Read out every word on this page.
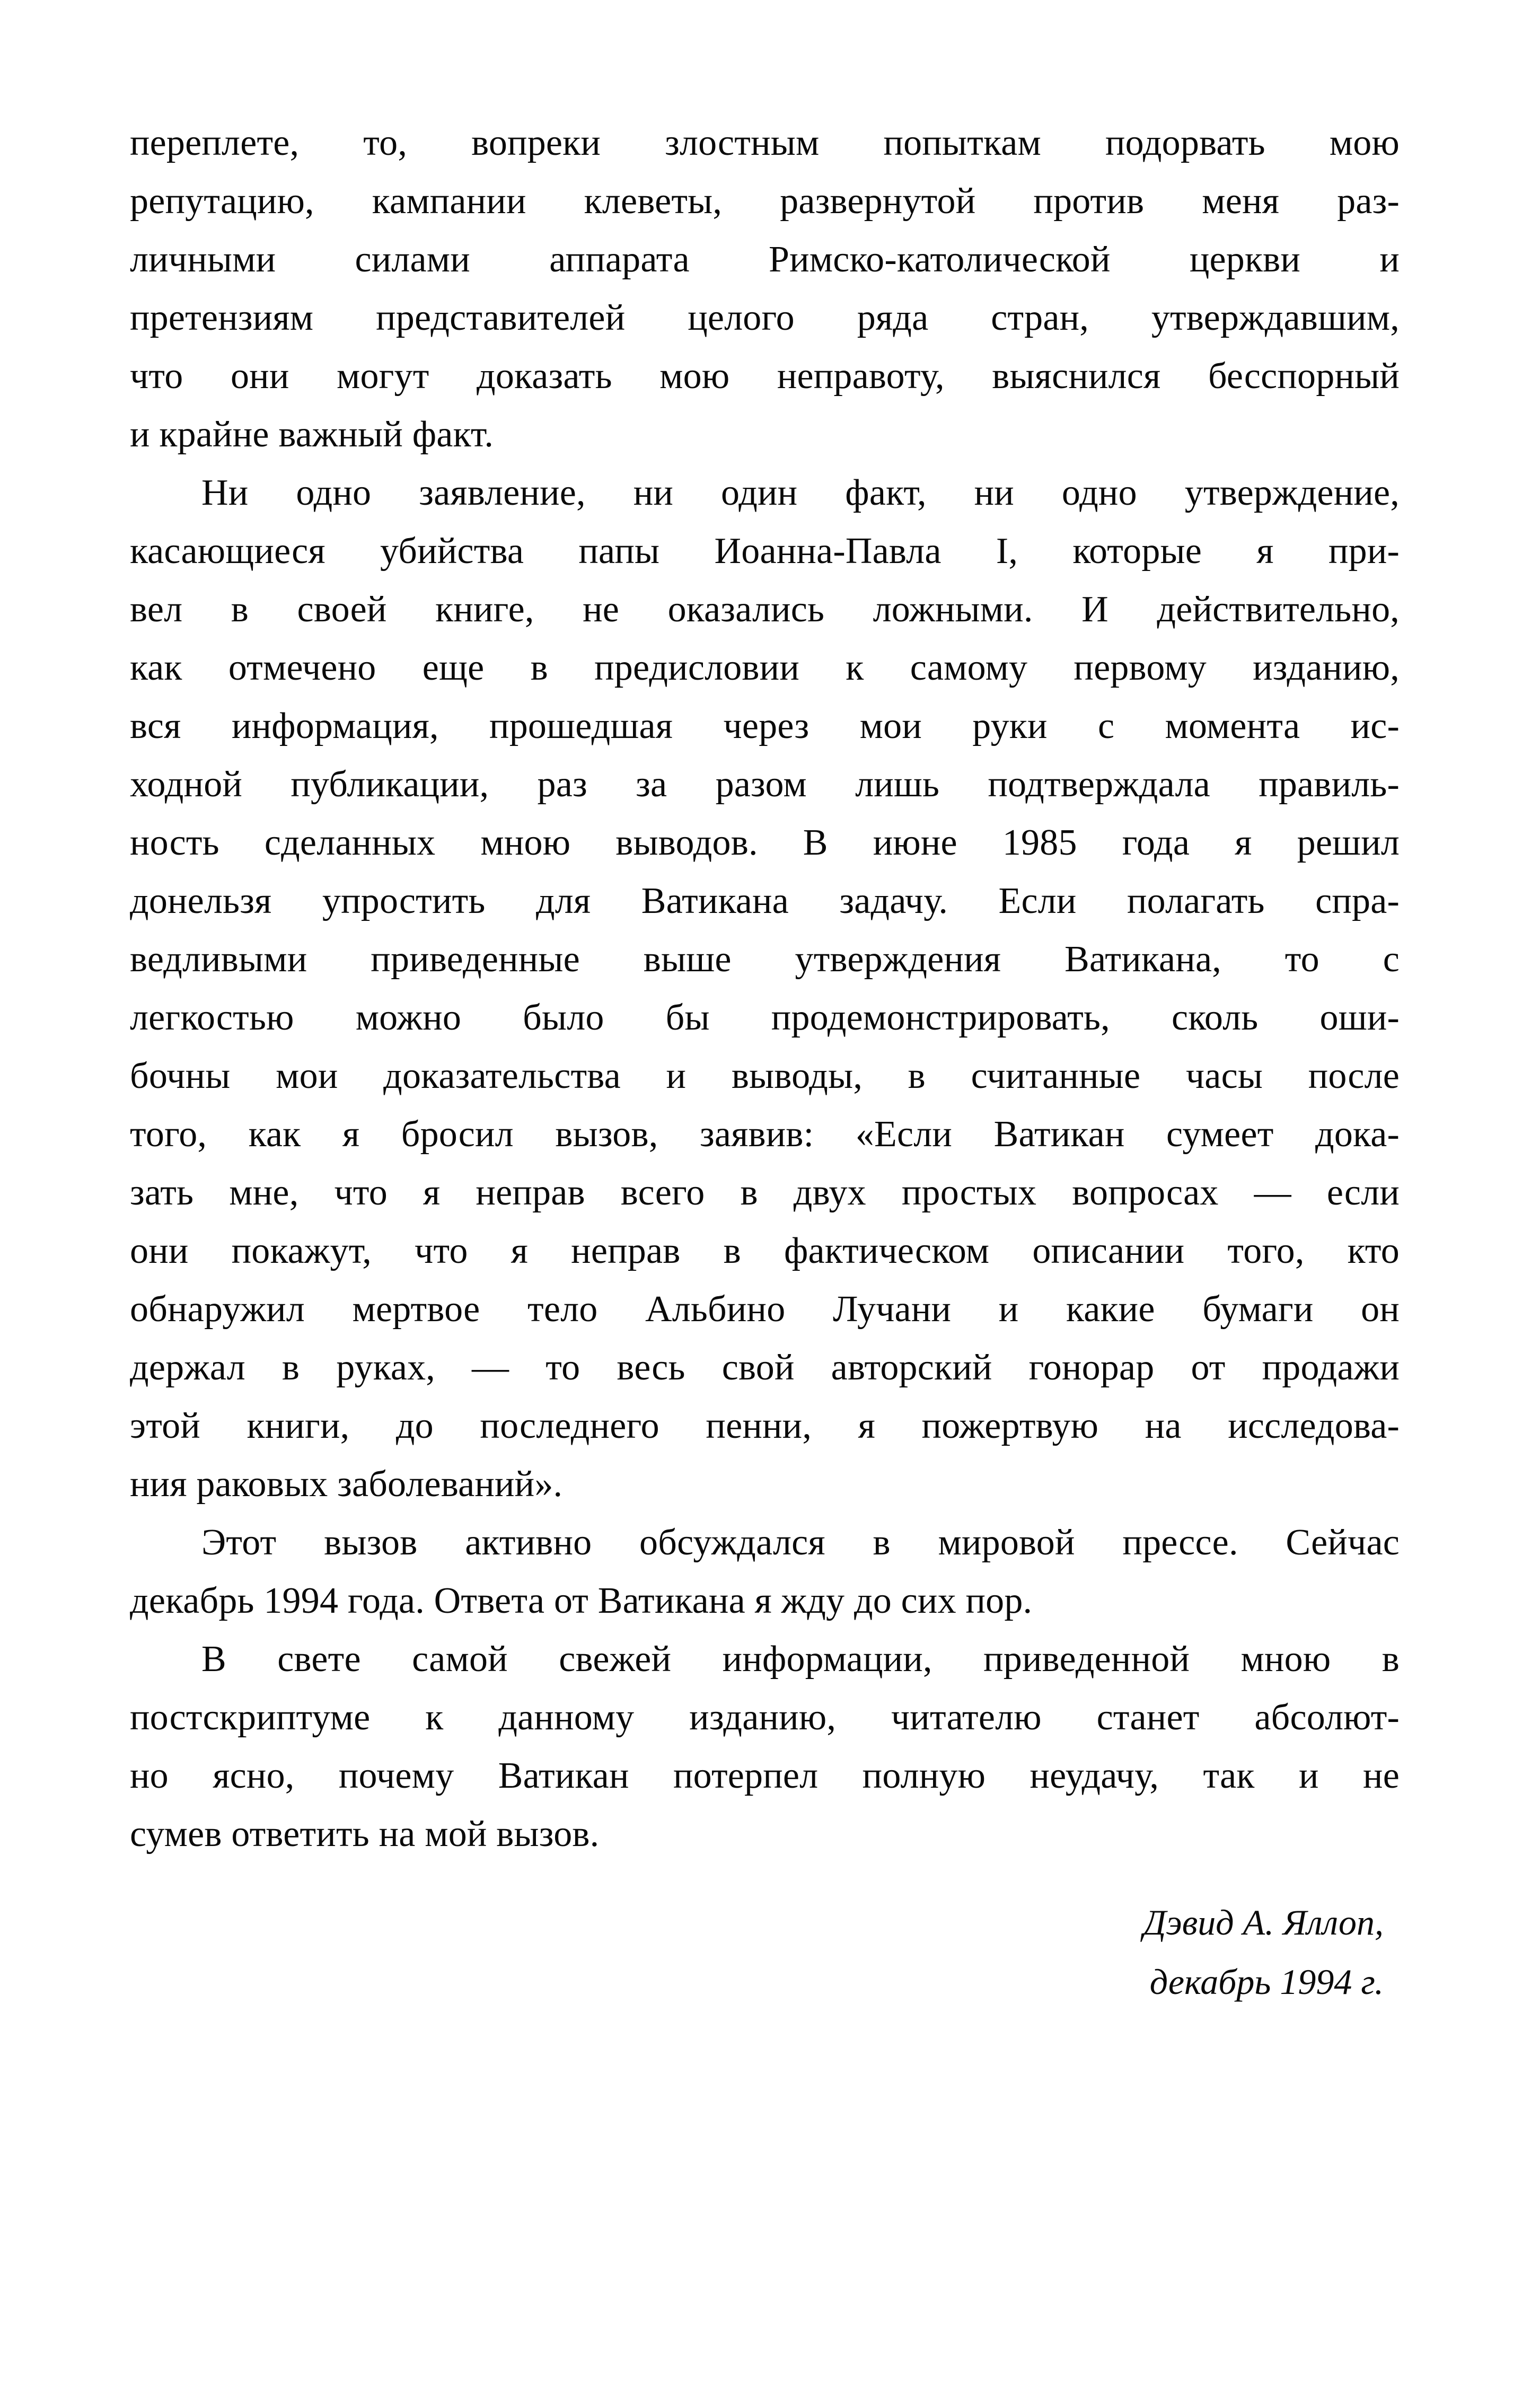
переплете, то, вопреки злостным попыткам подорвать мою
репутацию, кампании клеветы, развернутой против меня раз-
личными силами аппарата Римско-католической церкви и
претензиям представителей целого ряда стран, утверждавшим,
что они могут доказать мою неправоту, выяснился бесспорный
и крайне важный факт.
Ни одно заявление, ни один факт, ни одно утверждение,
касающиеся убийства папы Иоанна-Павла I, которые я при-
вел в своей книге, не оказались ложными. И действительно,
как отмечено еще в предисловии к самому первому изданию,
вся информация, прошедшая через мои руки с момента ис-
ходной публикации, раз за разом лишь подтверждала правиль-
ность сделанных мною выводов. В июне 1985 года я решил
донельзя упростить для Ватикана задачу. Если полагать спра-
ведливыми приведенные выше утверждения Ватикана, то с
легкостью можно было бы продемонстрировать, сколь оши-
бочны мои доказательства и выводы, в считанные часы после
того, как я бросил вызов, заявив: «Если Ватикан сумеет дока-
зать мне, что я неправ всего в двух простых вопросах — если
они покажут, что я неправ в фактическом описании того, кто
обнаружил мертвое тело Альбино Лучани и какие бумаги он
держал в руках, — то весь свой авторский гонорар от продажи
этой книги, до последнего пенни, я пожертвую на исследова-
ния раковых заболеваний».
Этот вызов активно обсуждался в мировой прессе. Сейчас
декабрь 1994 года. Ответа от Ватикана я жду до сих пор.
В свете самой свежей информации, приведенной мною в
постскриптуме к данному изданию, читателю станет абсолют-
но ясно, почему Ватикан потерпел полную неудачу, так и не
сумев ответить на мой вызов.
Дэвид А. Яллоп,
декабрь 1994 г.
